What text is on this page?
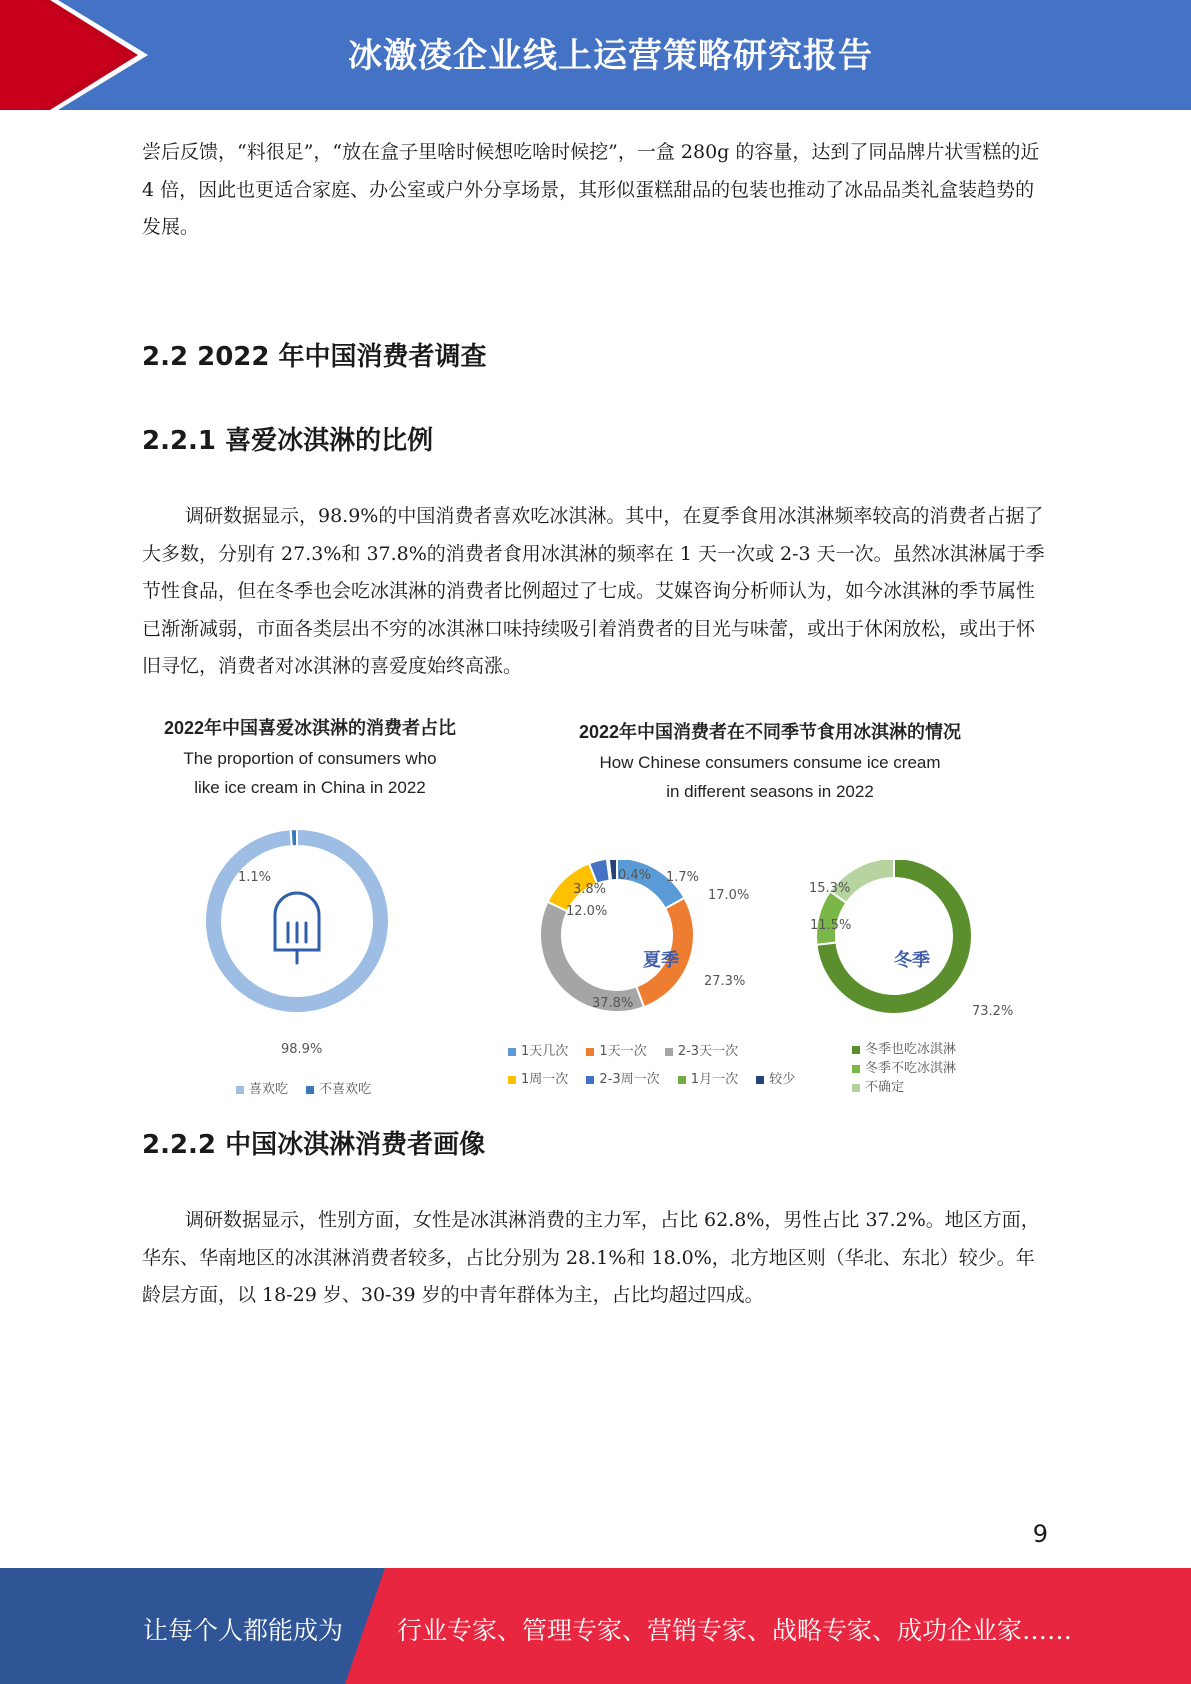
冰激凌企业线上运营策略研究报告

尝后反馈，“料很足”，“放在盒子里啥时候想吃啥时候挖”，一盒 280g 的容量，达到了同品牌片状雪糕的近 4 倍，因此也更适合家庭、办公室或户外分享场景，其形似蛋糕甜品的包装也推动了冰品品类礼盒装趋势的发展。

2.2 2022 年中国消费者调查
2.2.1 喜爱冰淇淋的比例

调研数据显示，98.9%的中国消费者喜欢吃冰淇淋。其中，在夏季食用冰淇淋频率较高的消费者占据了大多数，分别有 27.3%和 37.8%的消费者食用冰淇淋的频率在 1 天一次或 2-3 天一次。虽然冰淇淋属于季节性食品，但在冬季也会吃冰淇淋的消费者比例超过了七成。艾媒咨询分析师认为，如今冰淇淋的季节属性已渐渐减弱，市面各类层出不穷的冰淇淋口味持续吸引着消费者的目光与味蕾，或出于休闲放松，或出于怀旧寻忆，消费者对冰淇淋的喜爱度始终高涨。

2022年中国喜爱冰淇淋的消费者占比
The proportion of consumers who
like ice cream in China in 2022
1.1%
98.9%
喜欢吃 不喜欢吃
2022年中国消费者在不同季节食用冰淇淋的情况
How Chinese consumers consume ice cream
in different seasons in 2022
夏季
17.0%
27.3%
37.8%
12.0%
3.8%
0.4% 1.7%
冬季
73.2%
11.5%
15.3%
1天几次 1天一次 2-3天一次 1周一次 2-3周一次 1月一次 较少
冬季也吃冰淇淋
冬季不吃冰淇淋
不确定
2.2.2 中国冰淇淋消费者画像

调研数据显示，性别方面，女性是冰淇淋消费的主力军，占比 62.8%，男性占比 37.2%。地区方面，华东、华南地区的冰淇淋消费者较多，占比分别为 28.1%和 18.0%，北方地区则（华北、东北）较少。年龄层方面，以 18-29 岁、30-39 岁的中青年群体为主，占比均超过四成。

9
让每个人都能成为 行业专家、管理专家、营销专家、战略专家、成功企业家……
